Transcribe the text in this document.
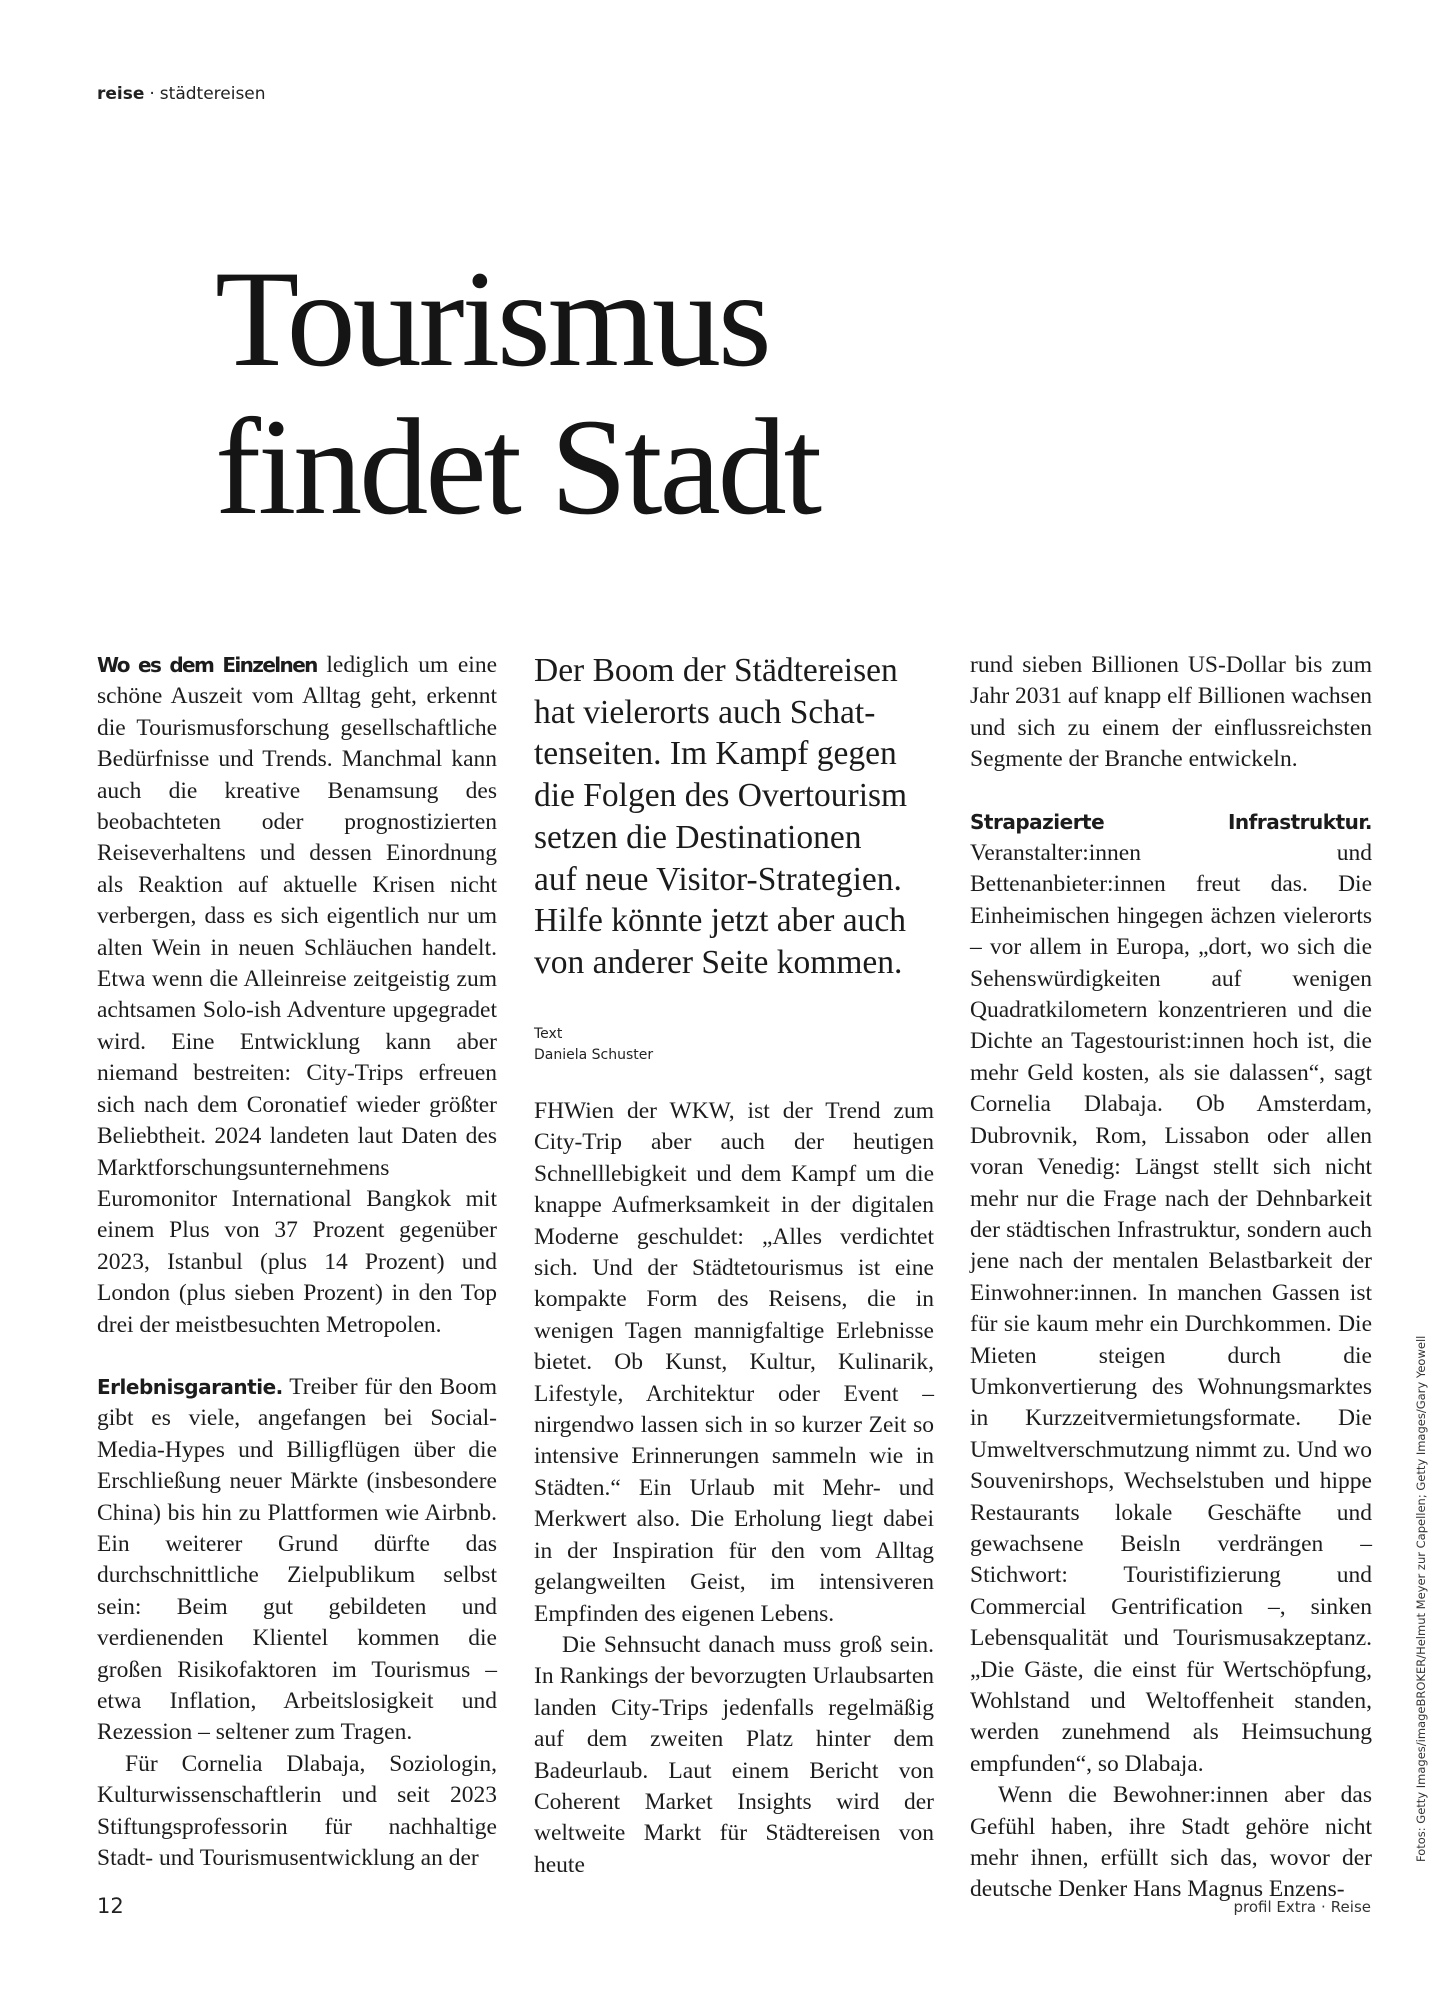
reise · städtereisen
Tourismus
findet Stadt

Wo es dem Einzelnen lediglich um eine schöne Auszeit vom Alltag geht, erkennt die Tourismusforschung gesellschaftliche Bedürfnisse und Trends. Manchmal kann auch die kreative Benamsung des beobachteten oder prognostizierten Reiseverhaltens und dessen Einordnung als Reaktion auf aktuelle Krisen nicht verbergen, dass es sich eigentlich nur um alten Wein in neuen Schläuchen handelt. Etwa wenn die Alleinreise zeitgeistig zum achtsamen Solo-ish Adventure upgegradet wird. Eine Entwicklung kann aber niemand bestreiten: City-Trips erfreuen sich nach dem Coronatief wieder größter Beliebtheit. 2024 landeten laut Daten des Marktforschungsunternehmens Euromonitor International Bangkok mit einem Plus von 37 Prozent gegenüber 2023, Istanbul (plus 14 Prozent) und London (plus sieben Prozent) in den Top drei der meistbesuchten Metropolen.

Erlebnisgarantie. Treiber für den Boom gibt es viele, angefangen bei Social-Media-Hypes und Billigflügen über die Erschließung neuer Märkte (insbesondere China) bis hin zu Plattformen wie Airbnb. Ein weiterer Grund dürfte das durchschnittliche Zielpublikum selbst sein: Beim gut gebildeten und verdienenden Klientel kommen die großen Risikofaktoren im Tourismus – etwa Inflation, Arbeitslosigkeit und Rezession – seltener zum Tragen.

Für Cornelia Dlabaja, Soziologin, Kulturwissenschaftlerin und seit 2023 Stiftungsprofessorin für nachhaltige Stadt- und Tourismusentwicklung an der

Der Boom der Städtereisen
hat vielerorts auch Schat-
tenseiten. Im Kampf gegen
die Folgen des Overtourism
setzen die Destinationen
auf neue Visitor-Strategien.
Hilfe könnte jetzt aber auch
von anderer Seite kommen.
Text
Daniela Schuster

FHWien der WKW, ist der Trend zum City-Trip aber auch der heutigen Schnelllebigkeit und dem Kampf um die knappe Aufmerksamkeit in der digitalen Moderne geschuldet: „Alles verdichtet sich. Und der Städtetourismus ist eine kompakte Form des Reisens, die in wenigen Tagen mannigfaltige Erlebnisse bietet. Ob Kunst, Kultur, Kulinarik, Lifestyle, Architektur oder Event – nirgendwo lassen sich in so kurzer Zeit so intensive Erinnerungen sammeln wie in Städten.“ Ein Urlaub mit Mehr- und Merkwert also. Die Erholung liegt dabei in der Inspiration für den vom Alltag gelangweilten Geist, im intensiveren Empfinden des eigenen Lebens.

Die Sehnsucht danach muss groß sein. In Rankings der bevorzugten Urlaubsarten landen City-Trips jedenfalls regelmäßig auf dem zweiten Platz hinter dem Badeurlaub. Laut einem Bericht von Coherent Market Insights wird der weltweite Markt für Städtereisen von heute

rund sieben Billionen US-Dollar bis zum Jahr 2031 auf knapp elf Billionen wachsen und sich zu einem der einflussreichsten Segmente der Branche entwickeln.

Strapazierte Infrastruktur. Veranstalter:innen und Bettenanbieter:innen freut das. Die Einheimischen hingegen ächzen vielerorts – vor allem in Europa, „dort, wo sich die Sehenswürdigkeiten auf wenigen Quadratkilometern konzentrieren und die Dichte an Tagestourist:innen hoch ist, die mehr Geld kosten, als sie dalassen“, sagt Cornelia Dlabaja. Ob Amsterdam, Dubrovnik, Rom, Lissabon oder allen voran Venedig: Längst stellt sich nicht mehr nur die Frage nach der Dehnbarkeit der städtischen Infrastruktur, sondern auch jene nach der mentalen Belastbarkeit der Einwohner:innen. In manchen Gassen ist für sie kaum mehr ein Durchkommen. Die Mieten steigen durch die Umkonvertierung des Wohnungsmarktes in Kurzzeitvermietungsformate. Die Umweltverschmutzung nimmt zu. Und wo Souvenirshops, Wechselstuben und hippe Restaurants lokale Geschäfte und gewachsene Beisln verdrängen – Stichwort: Touristifizierung und Commercial Gentrification –, sinken Lebensqualität und Tourismusakzeptanz. „Die Gäste, die einst für Wertschöpfung, Wohlstand und Weltoffenheit standen, werden zunehmend als Heimsuchung empfunden“, so Dlabaja.

Wenn die Bewohner:innen aber das Gefühl haben, ihre Stadt gehöre nicht mehr ihnen, erfüllt sich das, wovor der deutsche Denker Hans Magnus Enzens-

Fotos: Getty Images/imageBROKER/Helmut Meyer zur Capellen; Getty Images/Gary Yeowell
12	profil Extra · Reise
